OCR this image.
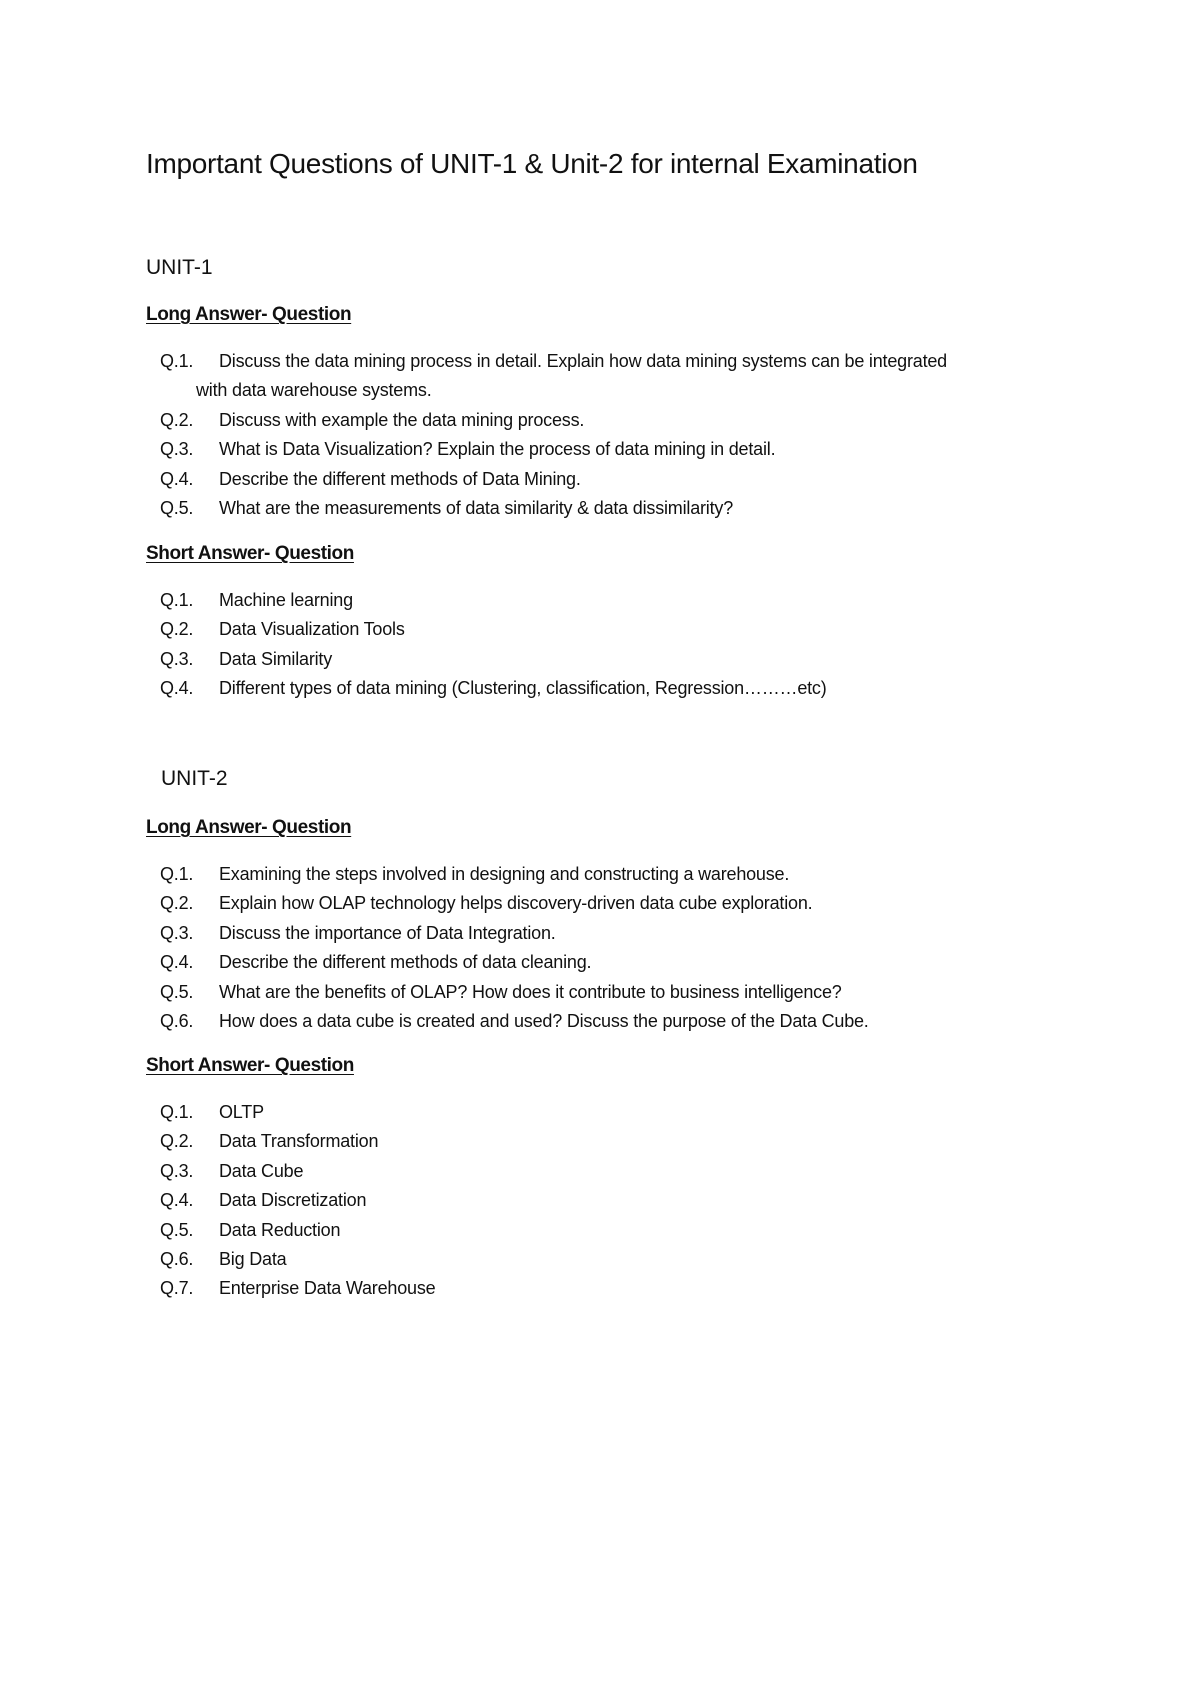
Important Questions of UNIT-1 & Unit-2 for internal Examination
UNIT-1
Long Answer- Question
Q.1.	Discuss the data mining process in detail. Explain how data mining systems can be integrated
with data warehouse systems.
Q.2.	Discuss with example the data mining process.
Q.3.	What is Data Visualization? Explain the process of data mining in detail.
Q.4.	Describe the different methods of Data Mining.
Q.5.	What are the measurements of data similarity & data dissimilarity?
Short Answer- Question
Q.1.	Machine learning
Q.2.	Data Visualization Tools
Q.3.	Data Similarity
Q.4.	Different types of data mining (Clustering, classification, Regression………etc)
UNIT-2
Long Answer- Question
Q.1.	Examining the steps involved in designing and constructing a warehouse.
Q.2.	Explain how OLAP technology helps discovery-driven data cube exploration.
Q.3.	Discuss the importance of Data Integration.
Q.4.	Describe the different methods of data cleaning.
Q.5.	What are the benefits of OLAP? How does it contribute to business intelligence?
Q.6.	How does a data cube is created and used? Discuss the purpose of the Data Cube.
Short Answer- Question
Q.1.	OLTP
Q.2.	Data Transformation
Q.3.	Data Cube
Q.4.	Data Discretization
Q.5.	Data Reduction
Q.6.	Big Data
Q.7.	Enterprise Data Warehouse
